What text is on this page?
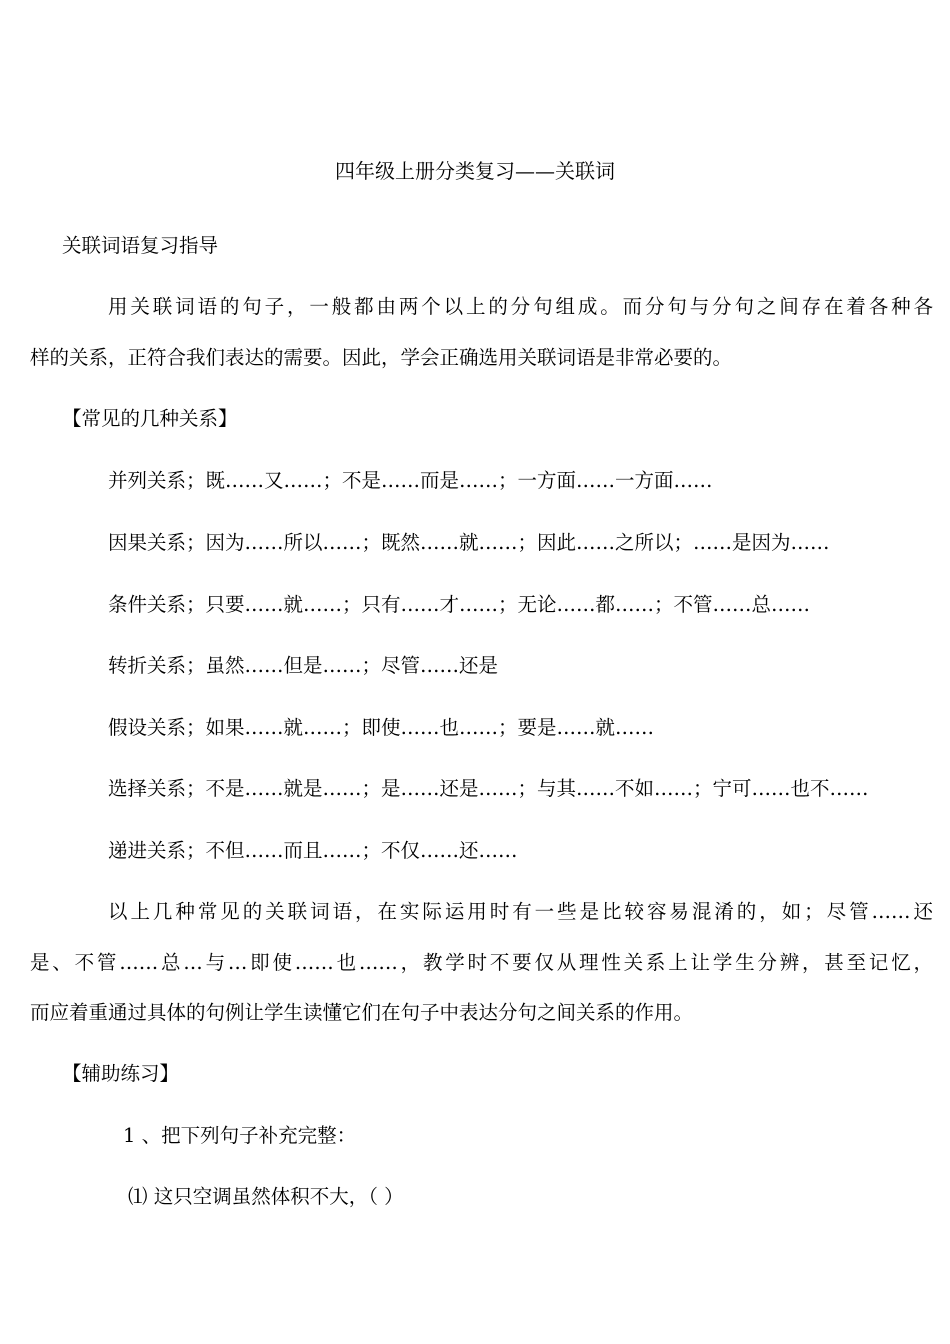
四年级上册分类复习——关联词
关联词语复习指导
用关联词语的句子，一般都由两个以上的分句组成。而分句与分句之间存在着各种各
样的关系，正符合我们表达的需要。因此，学会正确选用关联词语是非常必要的。
【常见的几种关系】
并列关系；既……又……；不是……而是……；一方面……一方面……
因果关系；因为……所以……；既然……就……；因此……之所以；……是因为……
条件关系；只要……就……；只有……才……；无论……都……；不管……总……
转折关系；虽然……但是……；尽管……还是
假设关系；如果……就……；即使……也……；要是……就……
选择关系；不是……就是……；是……还是……；与其……不如……；宁可……也不……
递进关系；不但……而且……；不仅……还……
以上几种常见的关联词语，在实际运用时有一些是比较容易混淆的，如；尽管……还
是、不管……总…与…即使……也……，教学时不要仅从理性关系上让学生分辨，甚至记忆，
而应着重通过具体的句例让学生读懂它们在句子中表达分句之间关系的作用。
【辅助练习】
1 、把下列句子补充完整：
⑴ 这只空调虽然体积不大，（ ）
